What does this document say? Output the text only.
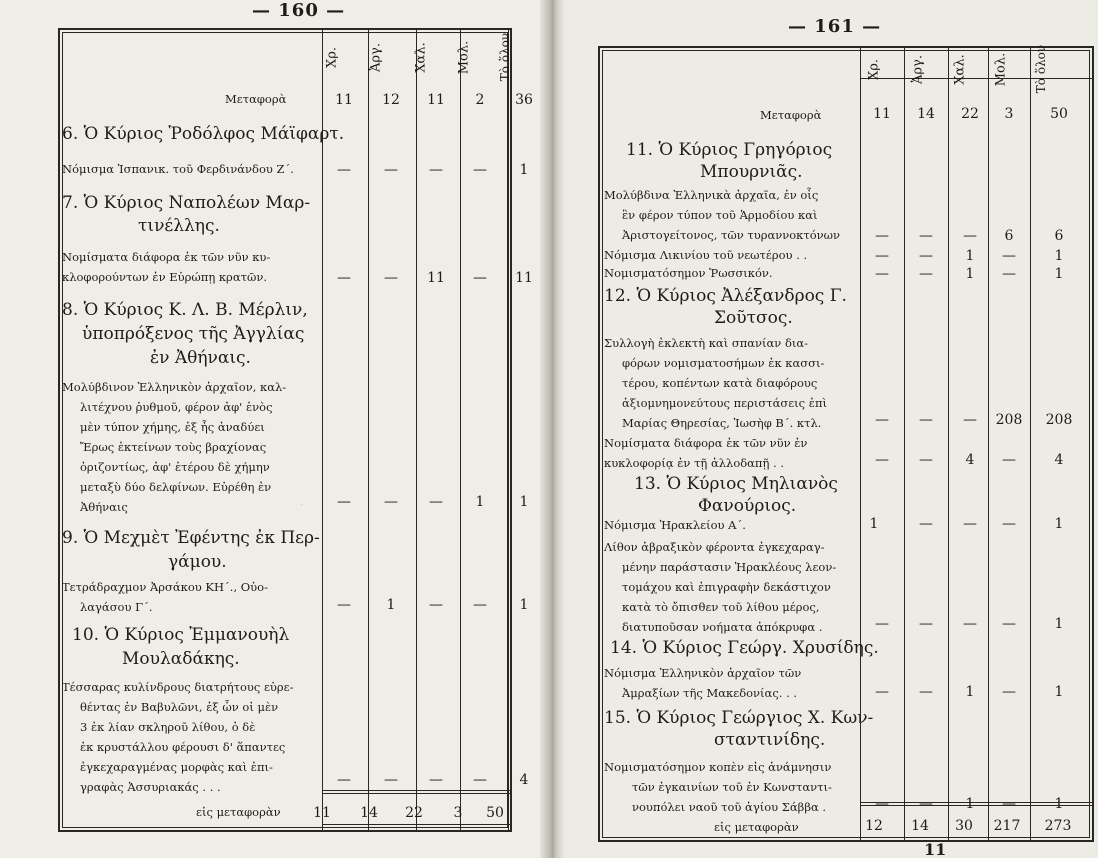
— 160 —
·
Χρ. Ἀργ. Χαλ. Μολ. Τὸ ὅλον
Μεταφορὰ	11	12	11	2	36
6. Ὁ Κύριος Ῥοδόλφος Μάϊφαρτ.
Νόμισμα Ἱσπανικ. τοῦ Φερδινάνδου Ζ΄.	—	—	—	—	1
7. Ὁ Κύριος Ναπολέων Μαρ-
τινέλλης.
Νομίσματα διάφορα ἐκ τῶν νῦν κυ-
κλοφορούντων ἐν Εὐρώπῃ κρατῶν.	—	—	11	—	11
8. Ὁ Κύριος Κ. Λ. Β. Μέρλιν,
ὑποπρόξενος τῆς Ἀγγλίας
ἐν Ἀθήναις.
Μολύβδινον Ἑλληνικὸν ἀρχαῖον, καλ-
λιτέχνου ῥυθμοῦ, φέρον ἀφ' ἑνὸς
μὲν τύπον χήμης, ἐξ ἧς ἀναδύει
Ἔρως ἐκτείνων τοὺς βραχίονας
ὁριζοντίως, ἀφ' ἑτέρου δὲ χήμην
μεταξὺ δύο δελφίνων. Εὑρέθη ἐν
Ἀθήναις	—	—	—	1	1
9. Ὁ Μεχμὲτ Ἐφέντης ἐκ Περ-
γάμου.
Τετράδραχμον Ἀρσάκου ΚΗ΄., Οὐο-
λαγάσου Γ΄.	—	1	—	—	1
10. Ὁ Κύριος Ἐμμανουὴλ
Μουλαδάκης.
Τέσσαρας κυλίνδρους διατρήτους εὑρε-
θέντας ἐν Βαβυλῶνι, ἐξ ὧν οἱ μὲν
3 ἐκ λίαν σκληροῦ λίθου, ὁ δὲ
ἐκ κρυστάλλου φέρουσι δ' ἅπαντες
ἐγκεχαραγμένας μορφὰς καὶ ἐπι-
γραφὰς Ἀσσυριακάς . . .	—	—	—	—	4
εἰς μεταφορὰν	11	14	22	3	50
— 161 —
Χρ. Ἀργ. Χαλ. Μολ. Τὸ ὅλον
Μεταφορὰ	11	14	22	3	50
11. Ὁ Κύριος Γρηγόριος
Μπουρνιᾶς.
Μολύβδινα Ἑλληνικὰ ἀρχαῖα, ἐν οἷς
ἓν φέρον τύπον τοῦ Ἁρμοδίου καὶ
Ἀριστογείτονος, τῶν τυραννοκτόνων	—	—	—	6	6
Νόμισμα Λικινίου τοῦ νεωτέρου . .	—	—	1	—	1
Νομισματόσημον Ῥωσσικόν.	—	—	1	—	1
12. Ὁ Κύριος Ἀλέξανδρος Γ.
Σοῦτσος.
Συλλογὴ ἐκλεκτὴ καὶ σπανίαν δια-
φόρων νομισματοσήμων ἐκ κασσι-
τέρου, κοπέντων κατὰ διαφόρους
ἀξιομνημονεύτους περιστάσεις ἐπὶ
Μαρίας Θηρεσίας, Ἰωσὴφ Β΄. κτλ.	—	—	—	208	208
Νομίσματα διάφορα ἐκ τῶν νῦν ἐν
κυκλοφορίᾳ ἐν τῇ ἀλλοδαπῇ . .	—	—	4	—	4
13. Ὁ Κύριος Μηλιανὸς
Φανούριος.
Νόμισμα Ἡρακλείου Α΄.	1	—	—	—	1
Λίθον ἀβραξικὸν φέροντα ἐγκεχαραγ-
μένην παράστασιν Ἡρακλέους λεον-
τομάχου καὶ ἐπιγραφὴν δεκάστιχον
κατὰ τὸ ὄπισθεν τοῦ λίθου μέρος,
διατυποῦσαν νοήματα ἀπόκρυφα .	—	—	—	—	1
14. Ὁ Κύριος Γεώργ. Χρυσίδης.
Νόμισμα Ἑλληνικὸν ἀρχαῖον τῶν
Ἀμραξίων τῆς Μακεδονίας. . .	—	—	1	—	1
15. Ὁ Κύριος Γεώργιος Χ. Κων-
σταντινίδης.
Νομισματόσημον κοπὲν εἰς ἀνάμνησιν
τῶν ἐγκαινίων τοῦ ἐν Κωνσταντι-
νουπόλει ναοῦ τοῦ ἁγίου Σάββα .	—	—	1	—	1
εἰς μεταφορὰν	12	14	30	217	273
11
